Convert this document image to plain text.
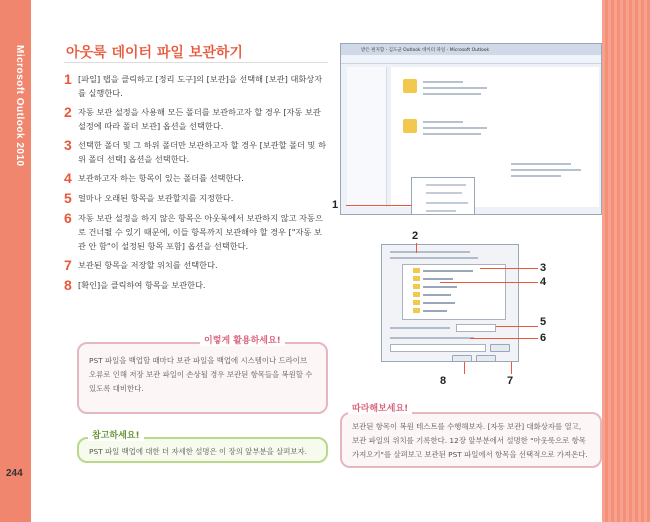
Microsoft Outlook 2010
244
아웃룩 데이터 파일 보관하기
1 [파일] 탭을 클릭하고 [정리 도구]의 [보관]을 선택해 [보관] 대화상자를 실행한다.
2 자동 보관 설정을 사용해 모든 폴더를 보관하고자 할 경우 [자동 보관 설정에 따라 폴더 보관] 옵션을 선택한다.
3 선택한 폴더 및 그 하위 폴더만 보관하고자 할 경우 [보관할 폴더 및 하위 폴더 선택] 옵션을 선택한다.
4 보관하고자 하는 항목이 있는 폴더를 선택한다.
5 얼마나 오래된 항목을 보관할지를 지정한다.
6 자동 보관 설정을 하지 않은 항목은 아웃룩에서 보관하지 않고 자동으로 건너뛸 수 있기 때문에, 이들 항목까지 보관해야 할 경우 ["자동 보관 안 함"이 설정된 항목 포함] 옵션을 선택한다.
7 보관된 항목을 저장할 위치를 선택한다.
8 [확인]을 클릭하여 항목을 보관한다.
PST 파일을 백업할 때마다 보관 파일을 백업에 시스템이나 드라이브 오류로 인해 저장 보관 파일이 손상될 경우 보관된 항목들을 복원할 수 있도록 대비한다.
이렇게 활용하세요!
PST 파일 백업에 대한 더 자세한 설명은 이 장의 앞부분을 살펴보자.
참고하세요!
보관된 항목이 복원 테스트를 수행해보자. [자동 보관] 대화상자를 열고, 보관 파일의 위치를 기록한다. 12장 앞부분에서 설명한 "아웃룩으로 항목 가져오기"를 살펴보고 보관된 PST 파일에서 항목을 선택적으로 가져온다.
따라해보세요!
받은 편지함 - 김도균 Outlook 데이터 파일 - Microsoft Outlook
1
2
3
4
5
6
7
8
